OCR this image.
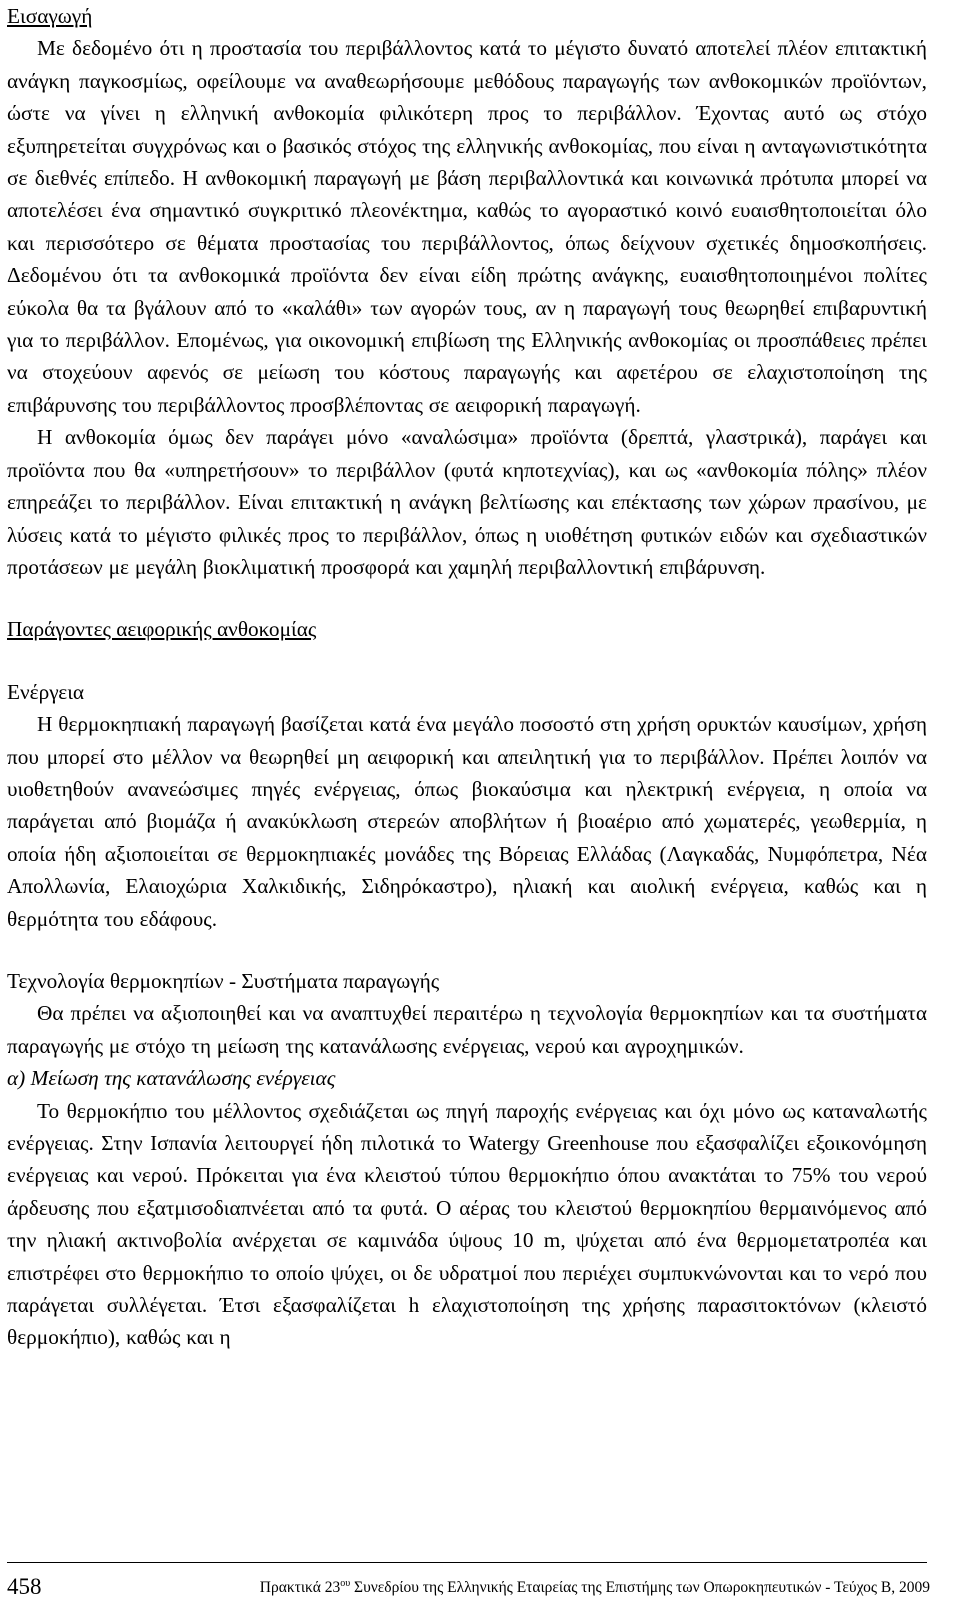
Εισαγωγή

Με δεδομένο ότι η προστασία του περιβάλλοντος κατά το μέγιστο δυνατό αποτελεί πλέον επιτακτική ανάγκη παγκοσμίως, οφείλουμε να αναθεωρήσουμε μεθόδους παραγωγής των ανθοκομικών προϊόντων, ώστε να γίνει η ελληνική ανθοκομία φιλικότερη προς το περιβάλλον. Έχοντας αυτό ως στόχο εξυπηρετείται συγχρόνως και ο βασικός στόχος της ελληνικής ανθοκομίας, που είναι η ανταγωνιστικότητα σε διεθνές επίπεδο. Η ανθοκομική παραγωγή με βάση περιβαλλοντικά και κοινωνικά πρότυπα μπορεί να αποτελέσει ένα σημαντικό συγκριτικό πλεονέκτημα, καθώς το αγοραστικό κοινό ευαισθητοποιείται όλο και περισσότερο σε θέματα προστασίας του περιβάλλοντος, όπως δείχνουν σχετικές δημοσκοπήσεις. Δεδομένου ότι τα ανθοκομικά προϊόντα δεν είναι είδη πρώτης ανάγκης, ευαισθητοποιημένοι πολίτες εύκολα θα τα βγάλουν από το «καλάθι» των αγορών τους, αν η παραγωγή τους θεωρηθεί επιβαρυντική για το περιβάλλον. Επομένως, για οικονομική επιβίωση της Ελληνικής ανθοκομίας οι προσπάθειες πρέπει να στοχεύουν αφενός σε μείωση του κόστους παραγωγής και αφετέρου σε ελαχιστοποίηση της επιβάρυνσης του περιβάλλοντος προσβλέποντας σε αειφορική παραγωγή.

Η ανθοκομία όμως δεν παράγει μόνο «αναλώσιμα» προϊόντα (δρεπτά, γλαστρικά), παράγει και προϊόντα που θα «υπηρετήσουν» το περιβάλλον (φυτά κηποτεχνίας), και ως «ανθοκομία πόλης» πλέον επηρεάζει το περιβάλλον. Είναι επιτακτική η ανάγκη βελτίωσης και επέκτασης των χώρων πρασίνου, με λύσεις κατά το μέγιστο φιλικές προς το περιβάλλον, όπως η υιοθέτηση φυτικών ειδών και σχεδιαστικών προτάσεων με μεγάλη βιοκλιματική προσφορά και χαμηλή περιβαλλοντική επιβάρυνση.

Παράγοντες αειφορικής ανθοκομίας

Ενέργεια

Η θερμοκηπιακή παραγωγή βασίζεται κατά ένα μεγάλο ποσοστό στη χρήση ορυκτών καυσίμων, χρήση που μπορεί στο μέλλον να θεωρηθεί μη αειφορική και απειλητική για το περιβάλλον. Πρέπει λοιπόν να υιοθετηθούν ανανεώσιμες πηγές ενέργειας, όπως βιοκαύσιμα και ηλεκτρική ενέργεια, η οποία να παράγεται από βιομάζα ή ανακύκλωση στερεών αποβλήτων ή βιοαέριο από χωματερές, γεωθερμία, η οποία ήδη αξιοποιείται σε θερμοκηπιακές μονάδες της Βόρειας Ελλάδας (Λαγκαδάς, Νυμφόπετρα, Νέα Απολλωνία, Ελαιοχώρια Χαλκιδικής, Σιδηρόκαστρο), ηλιακή και αιολική ενέργεια, καθώς και η θερμότητα του εδάφους.

Τεχνολογία θερμοκηπίων - Συστήματα παραγωγής

Θα πρέπει να αξιοποιηθεί και να αναπτυχθεί περαιτέρω η τεχνολογία θερμοκηπίων και τα συστήματα παραγωγής με στόχο τη μείωση της κατανάλωσης ενέργειας, νερού και αγροχημικών.

α) Μείωση της κατανάλωσης ενέργειας

Το θερμοκήπιο του μέλλοντος σχεδιάζεται ως πηγή παροχής ενέργειας και όχι μόνο ως καταναλωτής ενέργειας. Στην Ισπανία λειτουργεί ήδη πιλοτικά το Watergy Greenhouse που εξασφαλίζει εξοικονόμηση ενέργειας και νερού. Πρόκειται για ένα κλειστού τύπου θερμοκήπιο όπου ανακτάται το 75% του νερού άρδευσης που εξατμισοδιαπνέεται από τα φυτά. Ο αέρας του κλειστού θερμοκηπίου θερμαινόμενος από την ηλιακή ακτινοβολία ανέρχεται σε καμινάδα ύψους 10 m, ψύχεται από ένα θερμομετατροπέα και επιστρέφει στο θερμοκήπιο το οποίο ψύχει, οι δε υδρατμοί που περιέχει συμπυκνώνονται και το νερό που παράγεται συλλέγεται. Έτσι εξασφαλίζεται h ελαχιστοποίηση της χρήσης παρασιτοκτόνων (κλειστό θερμοκήπιο), καθώς και η

458	Πρακτικά $23^{o\upsilon}$ Συνεδρίου της Ελληνικής Εταιρείας της Επιστήμης των Οπωροκηπευτικών - Τεύχος Β, 2009
